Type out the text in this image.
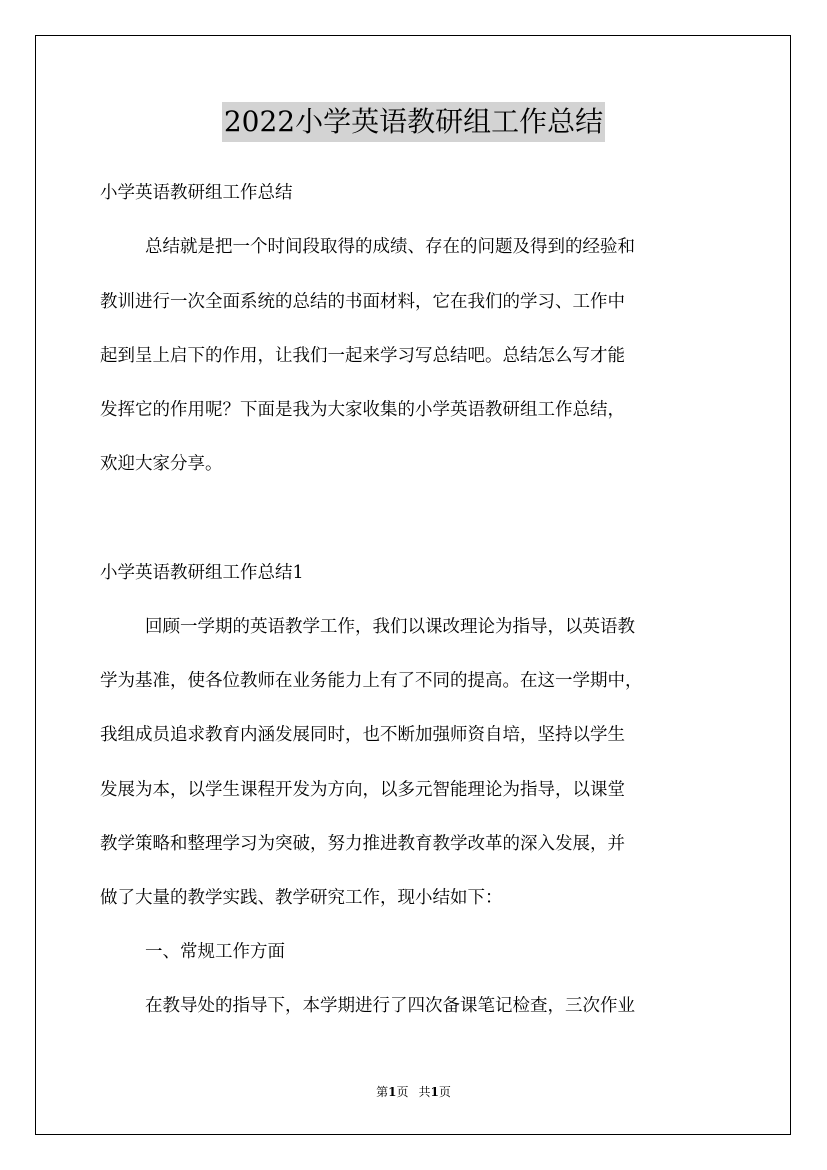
2022小学英语教研组工作总结
小学英语教研组工作总结
总结就是把一个时间段取得的成绩、存在的问题及得到的经验和
教训进行一次全面系统的总结的书面材料，它在我们的学习、工作中
起到呈上启下的作用，让我们一起来学习写总结吧。总结怎么写才能
发挥它的作用呢？下面是我为大家收集的小学英语教研组工作总结，
欢迎大家分享。
小学英语教研组工作总结1
回顾一学期的英语教学工作，我们以课改理论为指导，以英语教
学为基准，使各位教师在业务能力上有了不同的提高。在这一学期中，
我组成员追求教育内涵发展同时，也不断加强师资自培，坚持以学生
发展为本，以学生课程开发为方向，以多元智能理论为指导，以课堂
教学策略和整理学习为突破，努力推进教育教学改革的深入发展，并
做了大量的教学实践、教学研究工作，现小结如下：
一、常规工作方面
在教导处的指导下，本学期进行了四次备课笔记检查，三次作业
第1页 共1页
